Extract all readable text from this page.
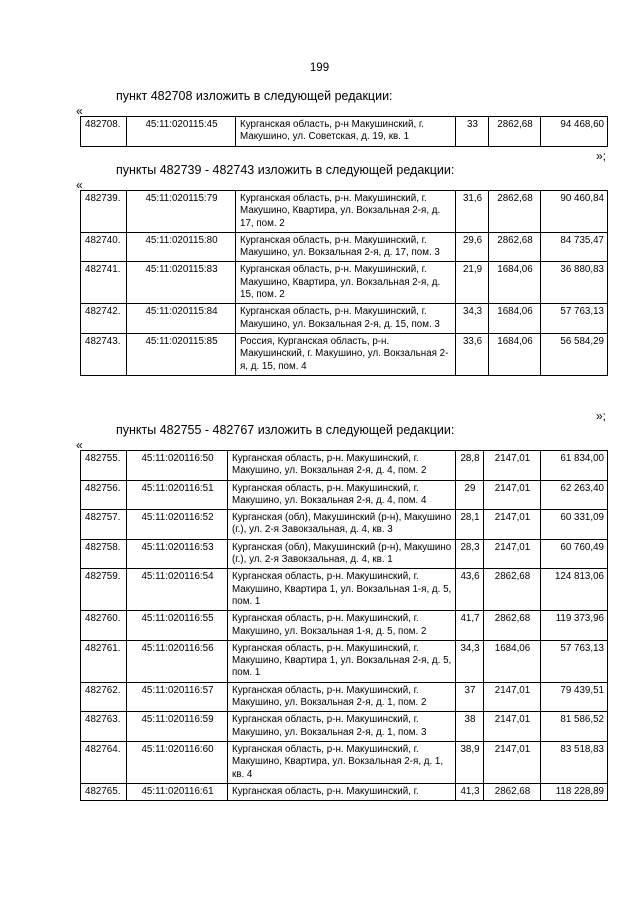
199
пункт 482708 изложить в следующей редакции:
«
482708.	45:11:020115:45	Курганская область, р-н Макушинский, г. Макушино, ул. Советская, д. 19, кв. 1	33	2862,68	94 468,60
»;
пункты 482739 - 482743 изложить в следующей редакции:
«
482739.	45:11:020115:79	Курганская область, р-н. Макушинский, г. Макушино, Квартира, ул. Вокзальная 2-я, д. 17, пом. 2	31,6	2862,68	90 460,84
482740.	45:11:020115:80	Курганская область, р-н. Макушинский, г. Макушино, ул. Вокзальная 2-я, д. 17, пом. 3	29,6	2862,68	84 735,47
482741.	45:11:020115:83	Курганская область, р-н. Макушинский, г. Макушино, Квартира, ул. Вокзальная 2-я, д. 15, пом. 2	21,9	1684,06	36 880,83
482742.	45:11:020115:84	Курганская область, р-н. Макушинский, г. Макушино, ул. Вокзальная 2-я, д. 15, пом. 3	34,3	1684,06	57 763,13
482743.	45:11:020115:85	Россия, Курганская область, р-н. Макушинский, г. Макушино, ул. Вокзальная 2-я, д. 15, пом. 4	33,6	1684,06	56 584,29
»;
пункты 482755 - 482767 изложить в следующей редакции:
«
482755.	45:11:020116:50	Курганская область, р-н. Макушинский, г. Макушино, ул. Вокзальная 2-я, д. 4, пом. 2	28,8	2147,01	61 834,00
482756.	45:11:020116:51	Курганская область, р-н. Макушинский, г. Макушино, ул. Вокзальная 2-я, д. 4, пом. 4	29	2147,01	62 263,40
482757.	45:11:020116:52	Курганская (обл), Макушинский (р-н), Макушино (г.), ул. 2-я Завокзальная, д. 4, кв. 3	28,1	2147,01	60 331,09
482758.	45:11:020116:53	Курганская (обл), Макушинский (р-н), Макушино (г.), ул. 2-я Завокзальная, д. 4, кв. 1	28,3	2147,01	60 760,49
482759.	45:11:020116:54	Курганская область, р-н. Макушинский, г. Макушино, Квартира 1, ул. Вокзальная 1-я, д. 5, пом. 1	43,6	2862,68	124 813,06
482760.	45:11:020116:55	Курганская область, р-н. Макушинский, г. Макушино, ул. Вокзальная 1-я, д. 5, пом. 2	41,7	2862,68	119 373,96
482761.	45:11:020116:56	Курганская область, р-н. Макушинский, г. Макушино, Квартира 1, ул. Вокзальная 2-я, д. 5, пом. 1	34,3	1684,06	57 763,13
482762.	45:11:020116:57	Курганская область, р-н. Макушинский, г. Макушино, ул. Вокзальная 2-я, д. 1, пом. 2	37	2147,01	79 439,51
482763.	45:11:020116:59	Курганская область, р-н. Макушинский, г. Макушино, ул. Вокзальная 2-я, д. 1, пом. 3	38	2147,01	81 586,52
482764.	45:11:020116:60	Курганская область, р-н. Макушинский, г. Макушино, Квартира, ул. Вокзальная 2-я, д. 1, кв. 4	38,9	2147,01	83 518,83
482765.	45:11:020116:61	Курганская область, р-н. Макушинский, г.	41,3	2862,68	118 228,89
